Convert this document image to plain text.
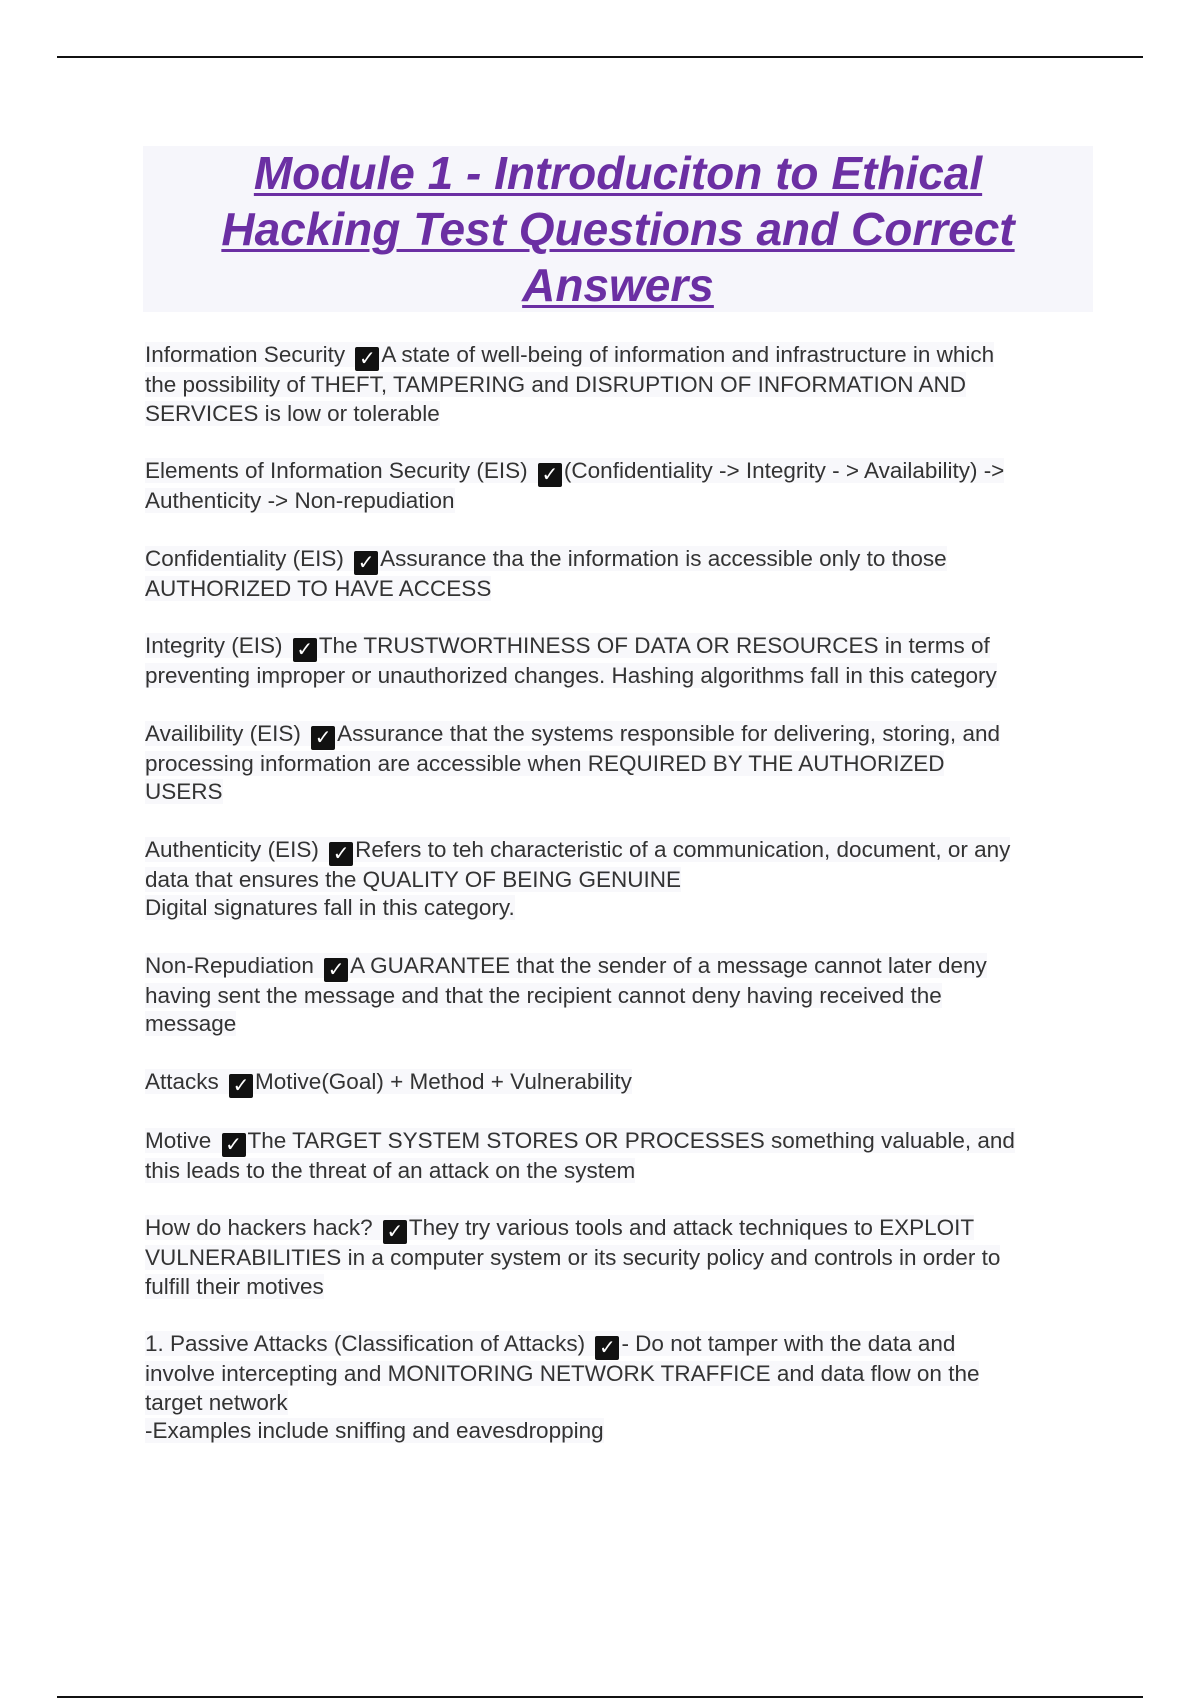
Module 1 - Introduciton to Ethical
Hacking Test Questions and Correct
Answers

Information Security ✓ A state of well-being of information and infrastructure in which
the possibility of THEFT, TAMPERING and DISRUPTION OF INFORMATION AND
SERVICES is low or tolerable

Elements of Information Security (EIS) ✓ (Confidentiality -> Integrity - > Availability) ->
Authenticity -> Non-repudiation

Confidentiality (EIS) ✓ Assurance tha the information is accessible only to those
AUTHORIZED TO HAVE ACCESS

Integrity (EIS) ✓ The TRUSTWORTHINESS OF DATA OR RESOURCES in terms of
preventing improper or unauthorized changes. Hashing algorithms fall in this category

Availibility (EIS) ✓ Assurance that the systems responsible for delivering, storing, and
processing information are accessible when REQUIRED BY THE AUTHORIZED
USERS

Authenticity (EIS) ✓ Refers to teh characteristic of a communication, document, or any
data that ensures the QUALITY OF BEING GENUINE
Digital signatures fall in this category.

Non-Repudiation ✓ A GUARANTEE that the sender of a message cannot later deny
having sent the message and that the recipient cannot deny having received the
message

Attacks ✓ Motive(Goal) + Method + Vulnerability

Motive ✓ The TARGET SYSTEM STORES OR PROCESSES something valuable, and
this leads to the threat of an attack on the system

How do hackers hack? ✓ They try various tools and attack techniques to EXPLOIT
VULNERABILITIES in a computer system or its security policy and controls in order to
fulfill their motives

1. Passive Attacks (Classification of Attacks) ✓ - Do not tamper with the data and
involve intercepting and MONITORING NETWORK TRAFFICE and data flow on the
target network
-Examples include sniffing and eavesdropping
